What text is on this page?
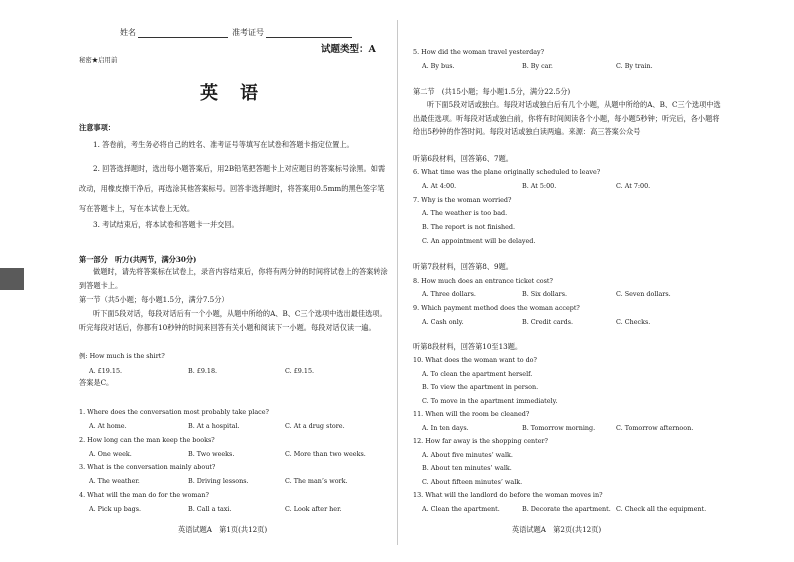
姓名	准考证号
试题类型：A
秘密★启用前
英　语
注意事项：
1. 答卷前，考生务必将自己的姓名、准考证号等填写在试卷和答题卡指定位置上。
2. 回答选择题时，选出每小题答案后，用2B铅笔把答题卡上对应题目的答案标号涂黑。如需改动，用橡皮擦干净后，再选涂其他答案标号。回答非选择题时，将答案用0.5mm的黑色签字笔写在答题卡上，写在本试卷上无效。
3. 考试结束后，将本试卷和答题卡一并交回。
第一部分　听力(共两节，满分30分)
做题时，请先将答案标在试卷上，录音内容结束后，你将有两分钟的时间将试卷上的答案转涂到答题卡上。
第一节（共5小题；每小题1.5分，满分7.5分）
听下面5段对话，每段对话后有一个小题，从题中所给的A、B、C三个选项中选出最佳选项。听完每段对话后，你都有10秒钟的时间来回答有关小题和阅读下一小题。每段对话仅读一遍。
例: How much is the shirt?
A. £19.15.	B. £9.18.	C. £9.15.
答案是C。
1. Where does the conversation most probably take place?
A. At home.	B. At a hospital.	C. At a drug store.
2. How long can the man keep the books?
A. One week.	B. Two weeks.	C. More than two weeks.
3. What is the conversation mainly about?
A. The weather.	B. Driving lessons.	C. The man’s work.
4. What will the man do for the woman?
A. Pick up bags.	B. Call a taxi.	C. Look after her.
英语试题A　第1页(共12页)
5. How did the woman travel yesterday?
A. By bus.	B. By car.	C. By train.
第二节　(共15小题；每小题1.5分，满分22.5分)
听下面5段对话或独白。每段对话或独白后有几个小题，从题中所给的A、B、C三个选项中选出最佳选项。听每段对话或独白前，你将有时间阅读各个小题，每小题5秒钟；听完后，各小题将给出5秒钟的作答时间。每段对话或独白读两遍。来源：高三答案公众号
听第6段材料，回答第6、7题。
6. What time was the plane originally scheduled to leave?
A. At 4:00.	B. At 5:00.	C. At 7:00.
7. Why is the woman worried?
A. The weather is too bad.
B. The report is not finished.
C. An appointment will be delayed.
听第7段材料，回答第8、9题。
8. How much does an entrance ticket cost?
A. Three dollars.	B. Six dollars.	C. Seven dollars.
9. Which payment method does the woman accept?
A. Cash only.	B. Credit cards.	C. Checks.
听第8段材料，回答第10至13题。
10. What does the woman want to do?
A. To clean the apartment herself.
B. To view the apartment in person.
C. To move in the apartment immediately.
11. When will the room be cleaned?
A. In ten days.	B. Tomorrow morning.	C. Tomorrow afternoon.
12. How far away is the shopping center?
A. About five minutes’ walk.
B. About ten minutes’ walk.
C. About fifteen minutes’ walk.
13. What will the landlord do before the woman moves in?
A. Clean the apartment.	B. Decorate the apartment. C. Check all the equipment.
英语试题A　第2页(共12页)
